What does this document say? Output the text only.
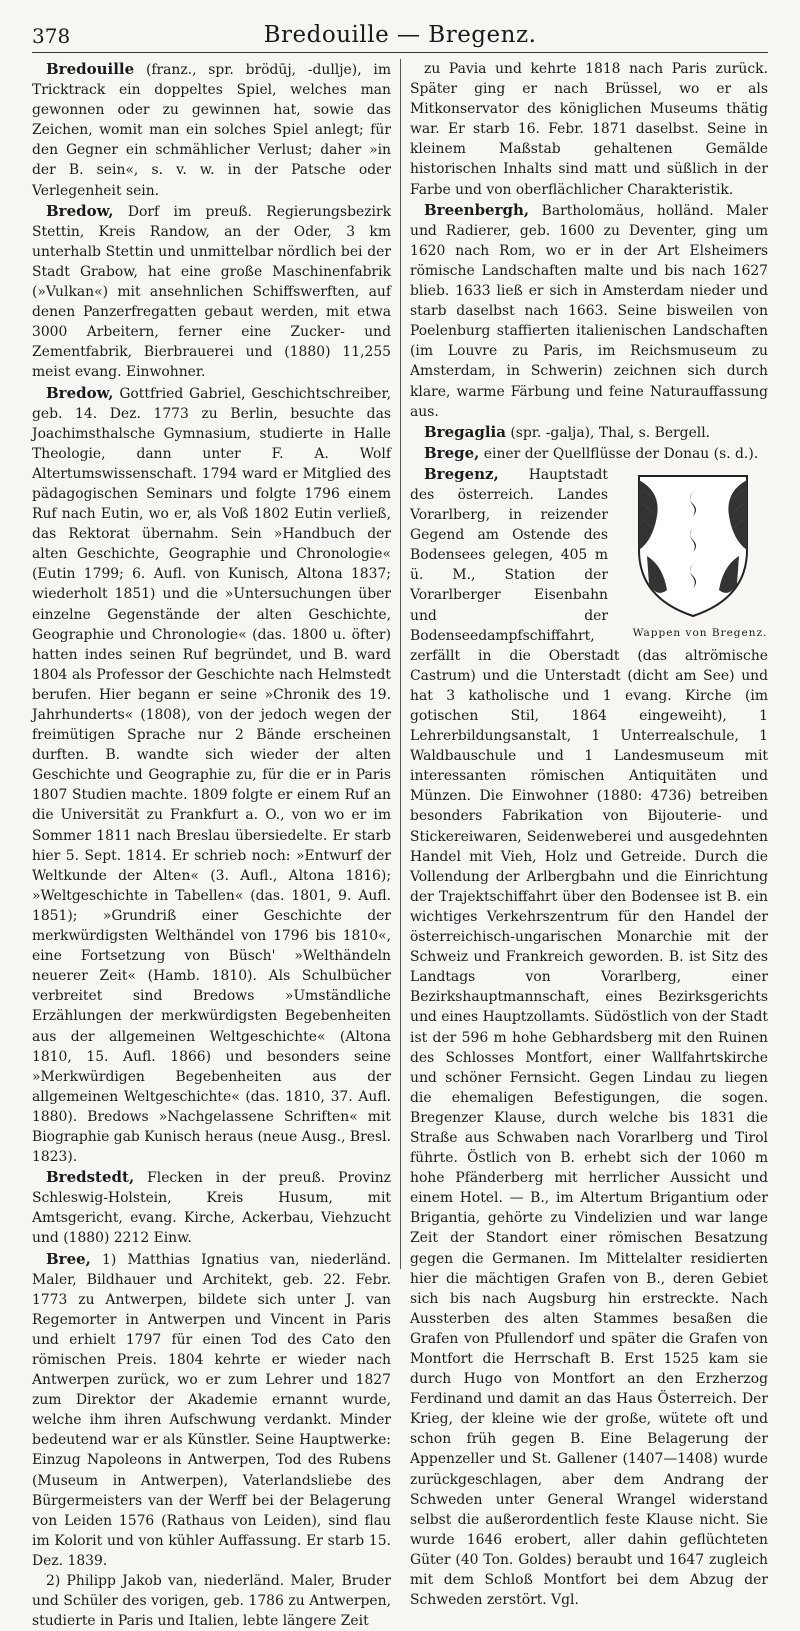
378	Bredouille — Bregenz.

Bredouille (franz., spr. brödūj, -dullje), im Tricktrack ein doppeltes Spiel, welches man gewonnen oder zu gewinnen hat, sowie das Zeichen, womit man ein solches Spiel anlegt; für den Gegner ein schmählicher Verlust; daher »in der B. sein«, s. v. w. in der Patsche oder Verlegenheit sein.

Bredow, Dorf im preuß. Regierungsbezirk Stettin, Kreis Randow, an der Oder, 3 km unterhalb Stettin und unmittelbar nördlich bei der Stadt Grabow, hat eine große Maschinenfabrik (»Vulkan«) mit ansehnlichen Schiffswerften, auf denen Panzerfregatten gebaut werden, mit etwa 3000 Arbeitern, ferner eine Zucker- und Zementfabrik, Bierbrauerei und (1880) 11,255 meist evang. Einwohner.

Bredow, Gottfried Gabriel, Geschichtschreiber, geb. 14. Dez. 1773 zu Berlin, besuchte das Joachimsthalsche Gymnasium, studierte in Halle Theologie, dann unter F. A. Wolf Altertumswissenschaft. 1794 ward er Mitglied des pädagogischen Seminars und folgte 1796 einem Ruf nach Eutin, wo er, als Voß 1802 Eutin verließ, das Rektorat übernahm. Sein »Handbuch der alten Geschichte, Geographie und Chronologie« (Eutin 1799; 6. Aufl. von Kunisch, Altona 1837; wiederholt 1851) und die »Untersuchungen über einzelne Gegenstände der alten Geschichte, Geographie und Chronologie« (das. 1800 u. öfter) hatten indes seinen Ruf begründet, und B. ward 1804 als Professor der Geschichte nach Helmstedt berufen. Hier begann er seine »Chronik des 19. Jahrhunderts« (1808), von der jedoch wegen der freimütigen Sprache nur 2 Bände erscheinen durften. B. wandte sich wieder der alten Geschichte und Geographie zu, für die er in Paris 1807 Studien machte. 1809 folgte er einem Ruf an die Universität zu Frankfurt a. O., von wo er im Sommer 1811 nach Breslau übersiedelte. Er starb hier 5. Sept. 1814. Er schrieb noch: »Entwurf der Weltkunde der Alten« (3. Aufl., Altona 1816); »Weltgeschichte in Tabellen« (das. 1801, 9. Aufl. 1851); »Grundriß einer Geschichte der merkwürdigsten Welthändel von 1796 bis 1810«, eine Fortsetzung von Büsch' »Welthändeln neuerer Zeit« (Hamb. 1810). Als Schulbücher verbreitet sind Bredows »Umständliche Erzählungen der merkwürdigsten Begebenheiten aus der allgemeinen Weltgeschichte« (Altona 1810, 15. Aufl. 1866) und besonders seine »Merkwürdigen Begebenheiten aus der allgemeinen Weltgeschichte« (das. 1810, 37. Aufl. 1880). Bredows »Nachgelassene Schriften« mit Biographie gab Kunisch heraus (neue Ausg., Bresl. 1823).

Bredstedt, Flecken in der preuß. Provinz Schleswig-Holstein, Kreis Husum, mit Amtsgericht, evang. Kirche, Ackerbau, Viehzucht und (1880) 2212 Einw.

Bree, 1) Matthias Ignatius van, niederländ. Maler, Bildhauer und Architekt, geb. 22. Febr. 1773 zu Antwerpen, bildete sich unter J. van Regemorter in Antwerpen und Vincent in Paris und erhielt 1797 für einen Tod des Cato den römischen Preis. 1804 kehrte er wieder nach Antwerpen zurück, wo er zum Lehrer und 1827 zum Direktor der Akademie ernannt wurde, welche ihm ihren Aufschwung verdankt. Minder bedeutend war er als Künstler. Seine Hauptwerke: Einzug Napoleons in Antwerpen, Tod des Rubens (Museum in Antwerpen), Vaterlandsliebe des Bürgermeisters van der Werff bei der Belagerung von Leiden 1576 (Rathaus von Leiden), sind flau im Kolorit und von kühler Auffassung. Er starb 15. Dez. 1839.

2) Philipp Jakob van, niederländ. Maler, Bruder und Schüler des vorigen, geb. 1786 zu Antwerpen, studierte in Paris und Italien, lebte längere Zeit

zu Pavia und kehrte 1818 nach Paris zurück. Später ging er nach Brüssel, wo er als Mitkonservator des königlichen Museums thätig war. Er starb 16. Febr. 1871 daselbst. Seine in kleinem Maßstab gehaltenen Gemälde historischen Inhalts sind matt und süßlich in der Farbe und von oberflächlicher Charakteristik.

Breenbergh, Bartholomäus, holländ. Maler und Radierer, geb. 1600 zu Deventer, ging um 1620 nach Rom, wo er in der Art Elsheimers römische Landschaften malte und bis nach 1627 blieb. 1633 ließ er sich in Amsterdam nieder und starb daselbst nach 1663. Seine bisweilen von Poelenburg staffierten italienischen Landschaften (im Louvre zu Paris, im Reichsmuseum zu Amsterdam, in Schwerin) zeichnen sich durch klare, warme Färbung und feine Naturauffassung aus.

Bregaglia (spr. -galja), Thal, s. Bergell.

Brege, einer der Quellflüsse der Donau (s. d.).

Bregenz,
Wappen von Bregenz.
Hauptstadt des österreich. Landes Vorarlberg, in reizender Gegend am Ostende des Bodensees gelegen, 405 m ü. M., Station der Vorarlberger Eisenbahn und der Bodenseedampfschiffahrt, zerfällt in die Oberstadt (das altrömische Castrum) und die Unterstadt (dicht am See) und hat 3 katholische und 1 evang. Kirche (im gotischen Stil, 1864 eingeweiht), 1 Lehrerbildungsanstalt, 1 Unterrealschule, 1 Waldbauschule und 1 Landesmuseum mit interessanten römischen Antiquitäten und Münzen. Die Einwohner (1880: 4736) betreiben besonders Fabrikation von Bijouterie- und Stickereiwaren, Seidenweberei und ausgedehnten Handel mit Vieh, Holz und Getreide. Durch die Vollendung der Arlbergbahn und die Einrichtung der Trajektschiffahrt über den Bodensee ist B. ein wichtiges Verkehrszentrum für den Handel der österreichisch-ungarischen Monarchie mit der Schweiz und Frankreich geworden. B. ist Sitz des Landtags von Vorarlberg, einer Bezirkshauptmannschaft, eines Bezirksgerichts und eines Hauptzollamts. Südöstlich von der Stadt ist der 596 m hohe Gebhardsberg mit den Ruinen des Schlosses Montfort, einer Wallfahrtskirche und schöner Fernsicht. Gegen Lindau zu liegen die ehemaligen Befestigungen, die sogen. Bregenzer Klause, durch welche bis 1831 die Straße aus Schwaben nach Vorarlberg und Tirol führte. Östlich von B. erhebt sich der 1060 m hohe Pfänderberg mit herrlicher Aussicht und einem Hotel. — B., im Altertum Brigantium oder Brigantia, gehörte zu Vindelizien und war lange Zeit der Standort einer römischen Besatzung gegen die Germanen. Im Mittelalter residierten hier die mächtigen Grafen von B., deren Gebiet sich bis nach Augsburg hin erstreckte. Nach Aussterben des alten Stammes besaßen die Grafen von Pfullendorf und später die Grafen von Montfort die Herrschaft B. Erst 1525 kam sie durch Hugo von Montfort an den Erzherzog Ferdinand und damit an das Haus Österreich. Der Krieg, der kleine wie der große, wütete oft und schon früh gegen B. Eine Belagerung der Appenzeller und St. Gallener (1407—1408) wurde zurückgeschlagen, aber dem Andrang der Schweden unter General Wrangel widerstand selbst die außerordentlich feste Klause nicht. Sie wurde 1646 erobert, aller dahin geflüchteten Güter (40 Ton. Goldes) beraubt und 1647 zugleich mit dem Schloß Montfort bei dem Abzug der Schweden zerstört. Vgl.
